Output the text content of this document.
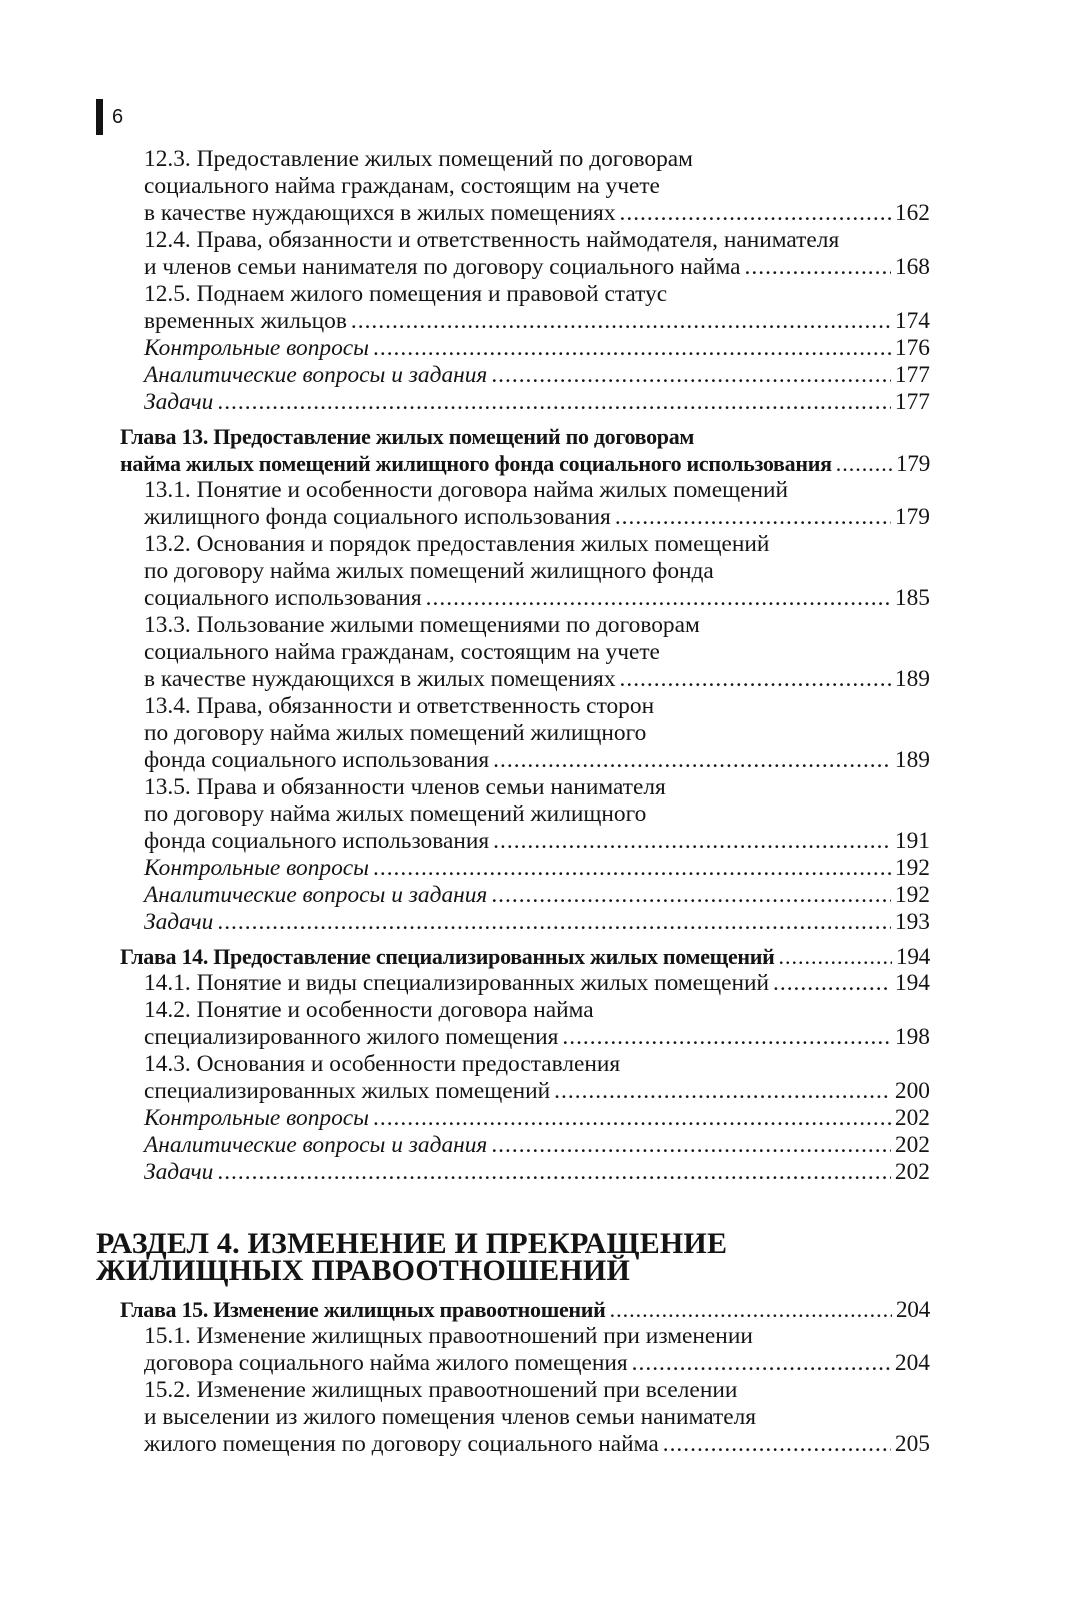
6
12.3. Предоставление жилых помещений по договорам
социального найма гражданам, состоящим на учете
в качестве нуждающихся в жилых помещениях .....	162
12.4. Права, обязанности и ответственность наймодателя, нанимателя
и членов семьи нанимателя по договору социального найма .....	168
12.5. Поднаем жилого помещения и правовой статус
временных жильцов .....	174
Контрольные вопросы .....	176
Аналитические вопросы и задания .....	177
Задачи .....	177
Глава 13. Предоставление жилых помещений по договорам
найма жилых помещений жилищного фонда социального использования .....	179
13.1. Понятие и особенности договора найма жилых помещений
жилищного фонда социального использования .....	179
13.2. Основания и порядок предоставления жилых помещений
по договору найма жилых помещений жилищного фонда
социального использования .....	185
13.3. Пользование жилыми помещениями по договорам
социального найма гражданам, состоящим на учете
в качестве нуждающихся в жилых помещениях .....	189
13.4. Права, обязанности и ответственность сторон
по договору найма жилых помещений жилищного
фонда социального использования .....	189
13.5. Права и обязанности членов семьи нанимателя
по договору найма жилых помещений жилищного
фонда социального использования .....	191
Контрольные вопросы .....	192
Аналитические вопросы и задания .....	192
Задачи .....	193
Глава 14. Предоставление специализированных жилых помещений .....	194
14.1. Понятие и виды специализированных жилых помещений .....	194
14.2. Понятие и особенности договора найма
специализированного жилого помещения .....	198
14.3. Основания и особенности предоставления
специализированных жилых помещений .....	200
Контрольные вопросы .....	202
Аналитические вопросы и задания .....	202
Задачи .....	202
РАЗДЕЛ 4. ИЗМЕНЕНИЕ И ПРЕКРАЩЕНИЕ
ЖИЛИЩНЫХ ПРАВООТНОШЕНИЙ
Глава 15. Изменение жилищных правоотношений .....	204
15.1. Изменение жилищных правоотношений при изменении
договора социального найма жилого помещения .....	204
15.2. Изменение жилищных правоотношений при вселении
и выселении из жилого помещения членов семьи нанимателя
жилого помещения по договору социального найма .....	205
